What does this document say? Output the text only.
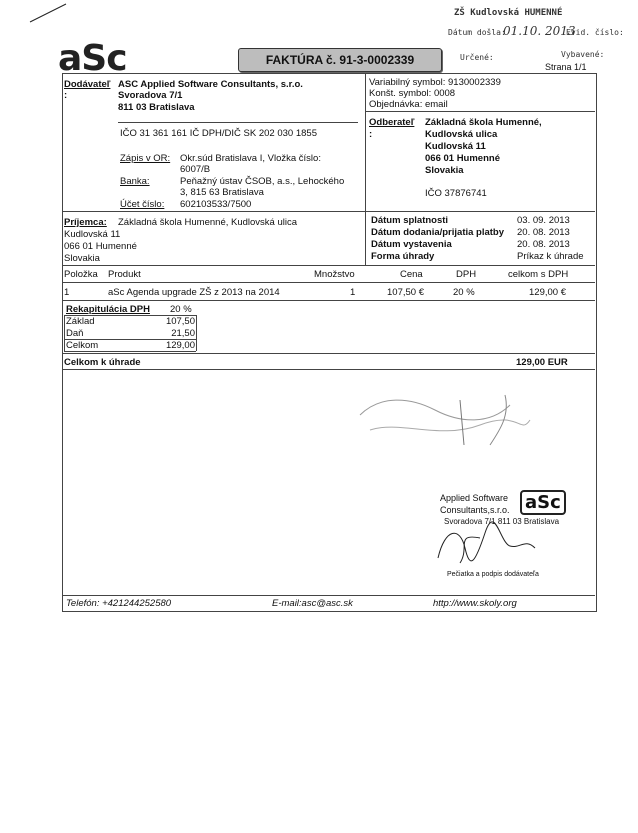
ZŠ Kudlovská HUMENNÉ
Dátum došla:
01.10. 2013
Evid. číslo:
Určené:	Vybavené:
aSc	FAKTÚRA č. 91-3-0002339	Strana 1/1
Dodávateľ
:
ASC Applied Software Consultants, s.r.o.
Svoradova 7/1
811 03 Bratislava
IČO 31 361 161 IČ DPH/DIČ SK 202 030 1855
Zápis v OR: Okr.súd Bratislava I, Vložka číslo:
6007/B
Banka:	Peňažný ústav ČSOB, a.s., Lehockého
3, 815 63 Bratislava
Účet číslo: 602103533/7500
Variabilný symbol: 9130002339
Konšt. symbol: 0008
Objednávka: email
Odberateľ
:
Základná škola Humenné,
Kudlovská ulica
Kudlovská 11
066 01 Humenné
Slovakia
IČO 37876741
Príjemca: Základná škola Humenné, Kudlovská ulica
Kudlovská 11
066 01 Humenné
Slovakia
Dátum splatnosti	03. 09. 2013
Dátum dodania/prijatia platby 20. 08. 2013
Dátum vystavenia	20. 08. 2013
Forma úhrady	Príkaz k úhrade
Položka Produkt	Množstvo	Cena	DPH	celkom s DPH
1	aSc Agenda upgrade ZŠ z 2013 na 2014	1	107,50 €	20 %	129,00 €
Rekapitulácia DPH 20 %
Základ	107,50
Daň	21,50
Celkom	129,00
Celkom k úhrade	129,00 EUR
Applied Software
Consultants,s.r.o.
Svoradova 7/1 811 03 Bratislava
aSc
Pečiatka a podpis dodávateľa
Telefón: +421244252580	E-mail:asc@asc.sk	http://www.skoly.org
